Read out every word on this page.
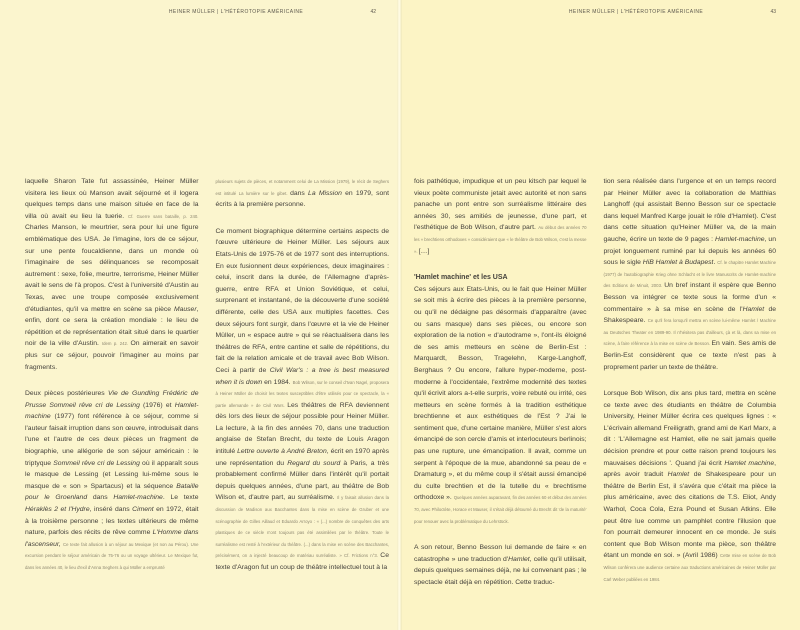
HEINER MÜLLER | L'HÉTÉROTOPIE AMÉRICAINE	42

laquelle Sharon Tate fut assassinée, Heiner Müller visitera les lieux où Manson avait séjourné et il logera quelques temps dans une maison située en face de la villa où avait eu lieu la tuerie. Cf. Guerre sans bataille, p. 240. Charles Manson, le meurtrier, sera pour lui une figure emblématique des USA. Je l'imagine, lors de ce séjour, sur une pente foucaldienne, dans un monde où l'imaginaire de ses délinquances se recomposait autrement : sexe, folie, meurtre, terrorisme, Heiner Müller avait le sens de l'à propos. C'est à l'université d'Austin au Texas, avec une troupe composée exclusivement d'étudiantes, qu'il va mettre en scène sa pièce Mauser, enfin, dont ce sera la création mondiale : le lieu de répétition et de représentation était situé dans le quartier noir de la ville d'Austin. Idem p. 242. On aimerait en savoir plus sur ce séjour, pouvoir l'imaginer au moins par fragments.

Deux pièces postérieures Vie de Gundling Frédéric de Prusse Sommeil rêve cri de Lessing (1976) et Hamlet-machine (1977) font référence à ce séjour, comme si l'auteur faisait irruption dans son œuvre, introduisait dans l'une et l'autre de ces deux pièces un fragment de biographie, une allégorie de son séjour américain : le triptyque Sommeil rêve cri de Lessing où il apparaît sous le masque de Lessing (et Lessing lui-même sous le masque de « son » Spartacus) et la séquence Bataille pour le Groenland dans Hamlet-machine. Le texte Héraklès 2 et l'Hydre, inséré dans Ciment en 1972, était à la troisième personne ; les textes ultérieurs de même nature, parfois des récits de rêve comme L'Homme dans l'ascenseur, Ce texte fait allusion à un séjour au Mexique (et non au Pérou). Une excursion pendant le séjour américain de 75-76 ou un voyage ultérieur. Le Mexique fut, dans les années 40, le lieu d'exil d'Anna Seghers à qui Müller a emprunté

plusieurs sujets de pièces, et notamment celui de La Mission (1979), le récit de Seghers est intitulé La lumière sur le gibet. dans La Mission en 1979, sont écrits à la première personne.

Ce moment biographique détermine certains aspects de l'œuvre ultérieure de Heiner Müller. Les séjours aux Etats-Unis de 1975-76 et de 1977 sont des interruptions. En eux fusionnent deux expériences, deux imaginaires : celui, inscrit dans la durée, de l'Allemagne d'après-guerre, entre RFA et Union Soviétique, et celui, surprenant et instantané, de la découverte d'une société différente, celle des USA aux multiples facettes. Ces deux séjours font surgir, dans l'œuvre et la vie de Heiner Müller, un « espace autre » qui se réactualisera dans les théâtres de RFA, entre cantine et salle de répétitions, du fait de la relation amicale et de travail avec Bob Wilson. Ceci à partir de Civil War's : a tree is best measured when it is down en 1984. Bob Wilson, sur le conseil d'Ivan Nagel, proposera à Heiner Müller de choisir les textes susceptibles d'être utilisés pour ce spectacle, la « partie allemande » de Civil Wars. Les théâtres de RFA deviennent dès lors des lieux de séjour possible pour Heiner Müller. La lecture, à la fin des années 70, dans une traduction anglaise de Stefan Brecht, du texte de Louis Aragon intitulé Lettre ouverte à André Breton, écrit en 1970 après une représentation du Regard du sourd à Paris, a très probablement confirmé Müller dans l'intérêt qu'il portait depuis quelques années, d'une part, au théâtre de Bob Wilson et, d'autre part, au surréalisme. Il y faisait allusion dans la discussion de Madison aux Bacchantes dans la mise en scène de Gruber et une scénographie de Gilles Aillaud et Eduardo Arroyo : « (...) nombre de conquêtes des arts plastiques de ce siècle n'ont toujours pas été assimilées par le théâtre. Toute le surréalisme est resté à l'extérieur du théâtre. (...) dans la mise en scène des Bacchantes, précisément, on a injecté beaucoup de matériau surréaliste. » Cf. Frictions n°3. Ce texte d'Aragon fut un coup de théâtre intellectuel tout à la

HEINER MÜLLER | L'HÉTÉROTOPIE AMÉRICAINE	43

fois pathétique, impudique et un peu kitsch par lequel le vieux poète communiste jetait avec autorité et non sans panache un pont entre son surréalisme littéraire des années 30, ses amitiés de jeunesse, d'une part, et l'esthétique de Bob Wilson, d'autre part. Au début des années 70 les « brechtiens orthodoxes » considéraient que « le théâtre de Bob Wilson, c'est la messe ». […]

'Hamlet machine' et les USA

Ces séjours aux Etats-Unis, ou le fait que Heiner Müller se soit mis à écrire des pièces à la première personne, ou qu'il ne dédaigne pas désormais d'apparaître (avec ou sans masque) dans ses pièces, ou encore son exploration de la notion « d'autodrame », l'ont-ils éloigné de ses amis metteurs en scène de Berlin-Est : Marquardt, Besson, Tragelehn, Karge-Langhoff, Berghaus ? Ou encore, l'allure hyper-moderne, post-moderne à l'occidentale, l'extrême modernité des textes qu'il écrivit alors a-t-elle surpris, voire rebuté ou irrité, ces metteurs en scène formés à la tradition esthétique brechtienne et aux esthétiques de l'Est ? J'ai le sentiment que, d'une certaine manière, Müller s'est alors émancipé de son cercle d'amis et interlocuteurs berlinois; pas une rupture, une émancipation. Il avait, comme un serpent à l'époque de la mue, abandonné sa peau de « Dramaturg », et du même coup il s'était aussi émancipé du culte brechtien et de la tutelle du « brechtisme orthodoxe ». Quelques années auparavant, fin des années 60 et début des années 70, avec Philoctète, Horace et Mauser, il s'était déjà détourné du Brecht dit 'de la maturité' pour renouer avec la problématique du Lehrstück.

A son retour, Benno Besson lui demande de faire « en catastrophe » une traduction d'Hamlet, celle qu'il utilisait, depuis quelques semaines déjà, ne lui convenant pas ; le spectacle était déjà en répétition. Cette traduc-

tion sera réalisée dans l'urgence et en un temps record par Heiner Müller avec la collaboration de Matthias Langhoff (qui assistait Benno Besson sur ce spectacle dans lequel Manfred Karge jouait le rôle d'Hamlet). C'est dans cette situation qu'Heiner Müller va, de la main gauche, écrire un texte de 9 pages : Hamlet-machine, un projet longuement ruminé par lui depuis les années 60 sous le sigle HiB Hamlet à Budapest. Cf. le chapitre Hamlet Machine (1977) de l'autobiographie Krieg ohne Schlacht et le livre Manuscrits de Hamlet-machine des Editions de Minuit, 2003. Un bref instant il espère que Benno Besson va intégrer ce texte sous la forme d'un « commentaire » à sa mise en scène de l'Hamlet de Shakespeare. Ce qu'il fera lorsqu'il mettra en scène lui-même Hamlet / Machine au Deutsches Theater en 1989-90. Il n'hésitera pas d'ailleurs, çà et là, dans sa mise en scène, à faire référence à la mise en scène de Besson. En vain. Ses amis de Berlin-Est considèrent que ce texte n'est pas à proprement parler un texte de théâtre.

Lorsque Bob Wilson, dix ans plus tard, mettra en scène ce texte avec des étudiants en théâtre de Columbia University, Heiner Müller écrira ces quelques lignes : « L'écrivain allemand Freiligrath, grand ami de Karl Marx, a dit : 'L'Allemagne est Hamlet, elle ne sait jamais quelle décision prendre et pour cette raison prend toujours les mauvaises décisions '. Quand j'ai écrit Hamlet machine, après avoir traduit Hamlet de Shakespeare pour un théâtre de Berlin Est, il s'avéra que c'était ma pièce la plus américaine, avec des citations de T.S. Eliot, Andy Warhol, Coca Cola, Ezra Pound et Susan Atkins. Elle peut être lue comme un pamphlet contre l'illusion que l'on pourrait demeurer innocent en ce monde. Je suis content que Bob Wilson monte ma pièce, son théâtre étant un monde en soi. » (Avril 1986) Cette mise en scène de Bob Wilson conférera une audience certaine aux traductions américaines de Heiner Müller par Carl Weber publiées en 1984.
